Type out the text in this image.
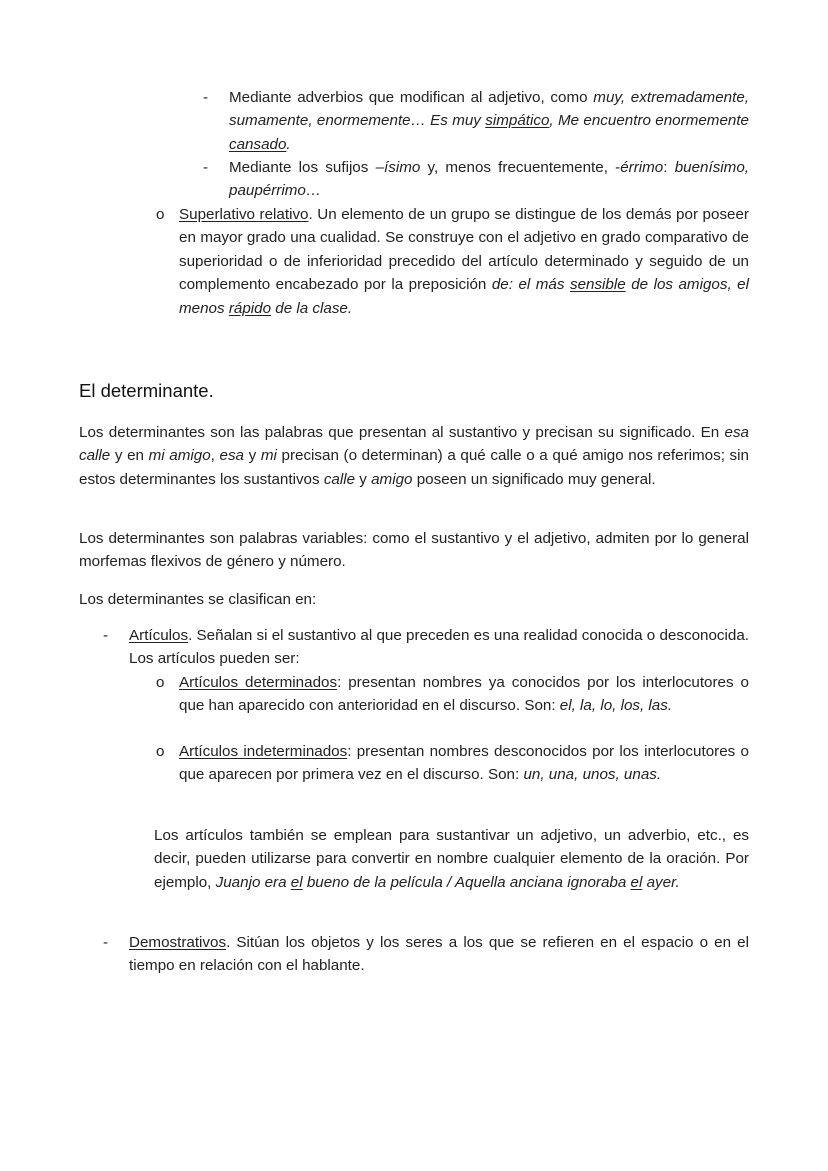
- Mediante adverbios que modifican al adjetivo, como muy, extremadamente, sumamente, enormemente… Es muy simpático, Me encuentro enormemente cansado.
- Mediante los sufijos –ísimo y, menos frecuentemente, -érrimo: buenísimo, paupérrimo…
o Superlativo relativo. Un elemento de un grupo se distingue de los demás por poseer en mayor grado una cualidad. Se construye con el adjetivo en grado comparativo de superioridad o de inferioridad precedido del artículo determinado y seguido de un complemento encabezado por la preposición de: el más sensible de los amigos, el menos rápido de la clase.
El determinante.
Los determinantes son las palabras que presentan al sustantivo y precisan su significado. En esa calle y en mi amigo, esa y mi precisan (o determinan) a qué calle o a qué amigo nos referimos; sin estos determinantes los sustantivos calle y amigo poseen un significado muy general.
Los determinantes son palabras variables: como el sustantivo y el adjetivo, admiten por lo general morfemas flexivos de género y número.
Los determinantes se clasifican en:
- Artículos. Señalan si el sustantivo al que preceden es una realidad conocida o desconocida. Los artículos pueden ser:
o Artículos determinados: presentan nombres ya conocidos por los interlocutores o que han aparecido con anterioridad en el discurso. Son: el, la, lo, los, las.
o Artículos indeterminados: presentan nombres desconocidos por los interlocutores o que aparecen por primera vez en el discurso. Son: un, una, unos, unas.
Los artículos también se emplean para sustantivar un adjetivo, un adverbio, etc., es decir, pueden utilizarse para convertir en nombre cualquier elemento de la oración. Por ejemplo, Juanjo era el bueno de la película / Aquella anciana ignoraba el ayer.
- Demostrativos. Sitúan los objetos y los seres a los que se refieren en el espacio o en el tiempo en relación con el hablante.
